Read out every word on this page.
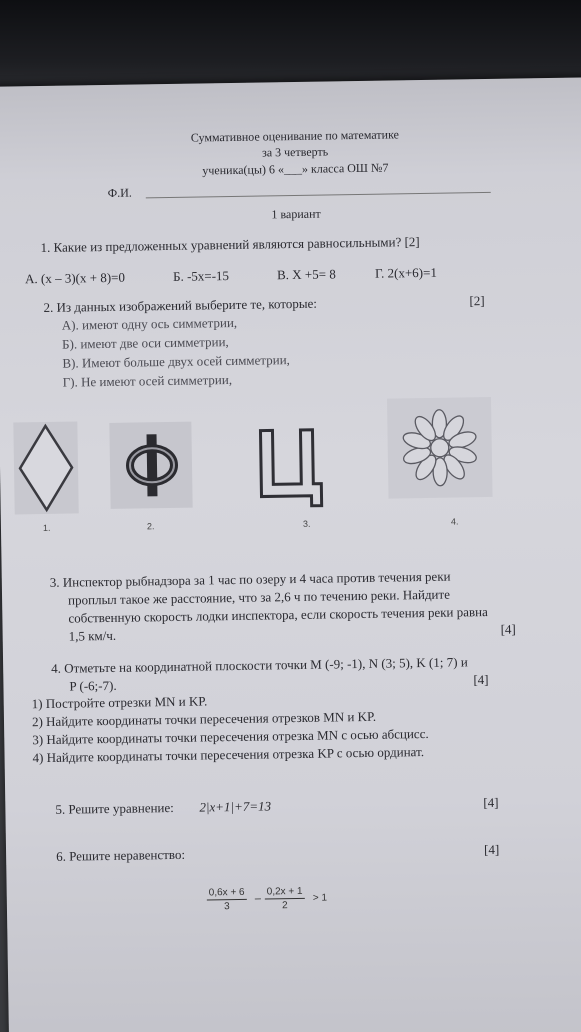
Суммативное оценивание по математике
за 3 четверть
ученика(цы) 6 «___» класса ОШ №7
Ф.И.
1 вариант
1. Какие из предложенных уравнений являются равносильными? [2]
А. (х – 3)(х + 8)=0	Б. -5х=-15	В. Х +5= 8	Г. 2(х+6)=1
2. Из данных изображений выберите те, которые:	[2]
А). имеют одну ось симметрии,
Б). имеют две оси симметрии,
В). Имеют больше двух осей симметрии,
Г). Не имеют осей симметрии,
1.	2.	3.	4.
3. Инспектор рыбнадзора за 1 час по озеру и 4 часа против течения реки
проплыл такое же расстояние, что за 2,6 ч по течению реки. Найдите
собственную скорость лодки инспектора, если скорость течения реки равна
1,5 км/ч.	[4]
4. Отметьте на координатной плоскости точки M (-9; -1), N (3; 5), K (1; 7) и
P (-6;-7).	[4]
1) Постройте отрезки MN и KP.
2) Найдите координаты точки пересечения отрезков MN и KP.
3) Найдите координаты точки пересечения отрезка MN с осью абсцисс.
4) Найдите координаты точки пересечения отрезка KP с осью ординат.
5. Решите уравнение: 2|x+1|+7=13	[4]
6. Решите неравенство:	[4]
$\frac{0,6x + 6}{3} - \frac{0,2x + 1}{2} > 1$
